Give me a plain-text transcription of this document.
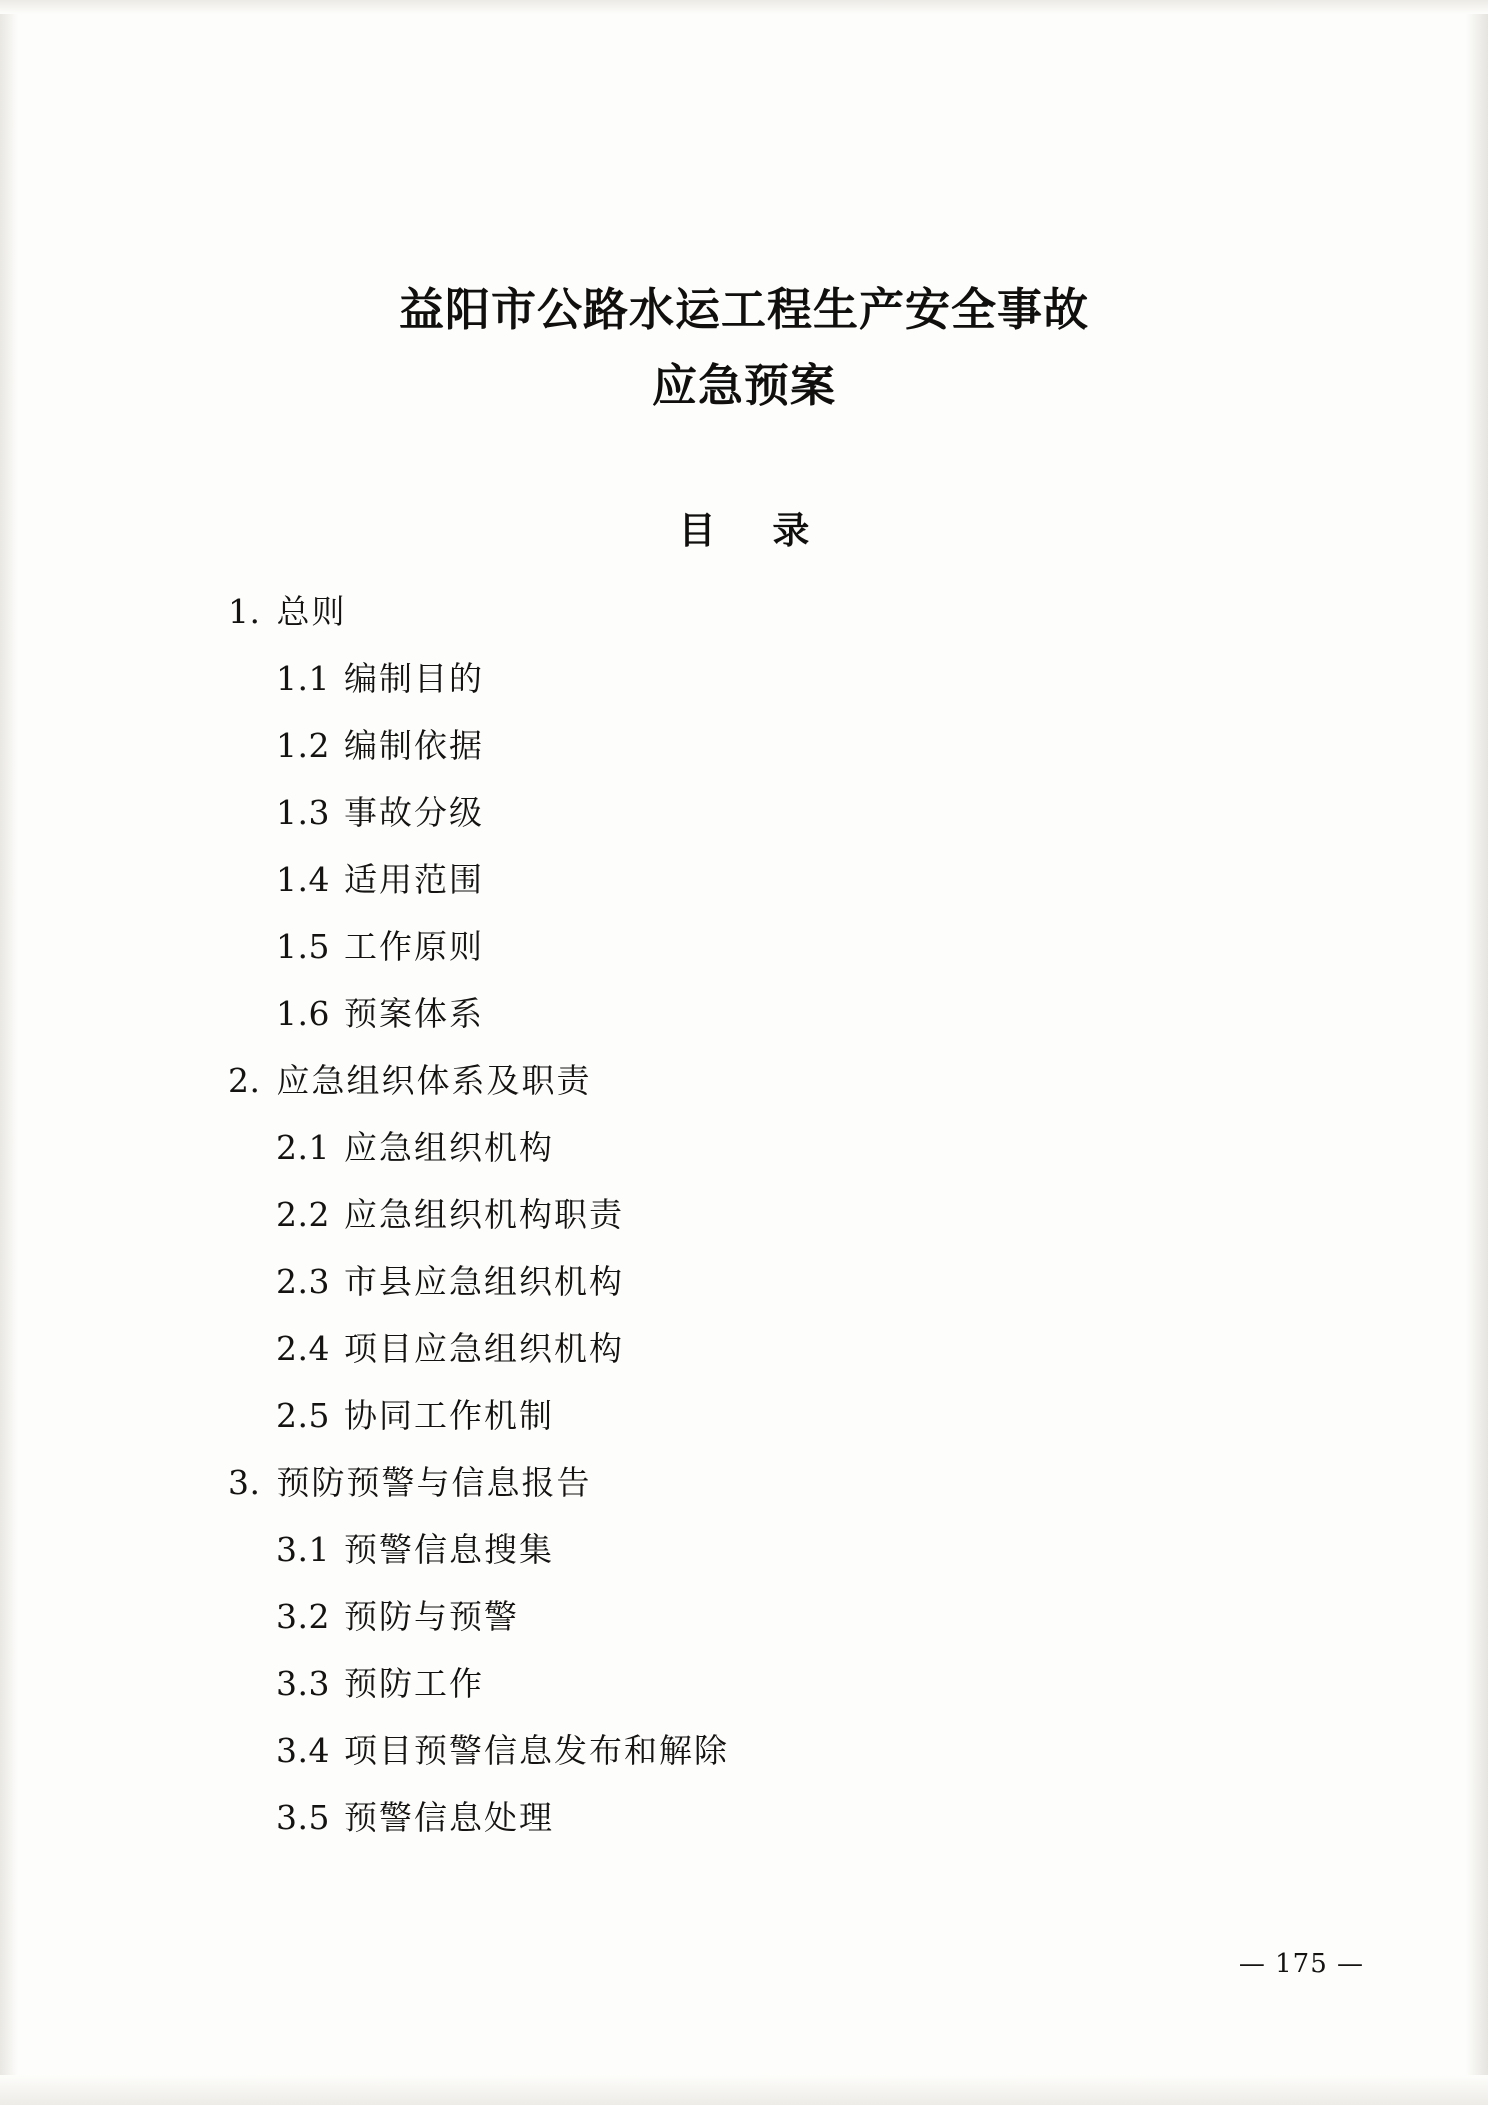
益阳市公路水运工程生产安全事故
应急预案
目 录
1. 总则
1.1 编制目的
1.2 编制依据
1.3 事故分级
1.4 适用范围
1.5 工作原则
1.6 预案体系
2. 应急组织体系及职责
2.1 应急组织机构
2.2 应急组织机构职责
2.3 市县应急组织机构
2.4 项目应急组织机构
2.5 协同工作机制
3. 预防预警与信息报告
3.1 预警信息搜集
3.2 预防与预警
3.3 预防工作
3.4 项目预警信息发布和解除
3.5 预警信息处理
— 175 —
